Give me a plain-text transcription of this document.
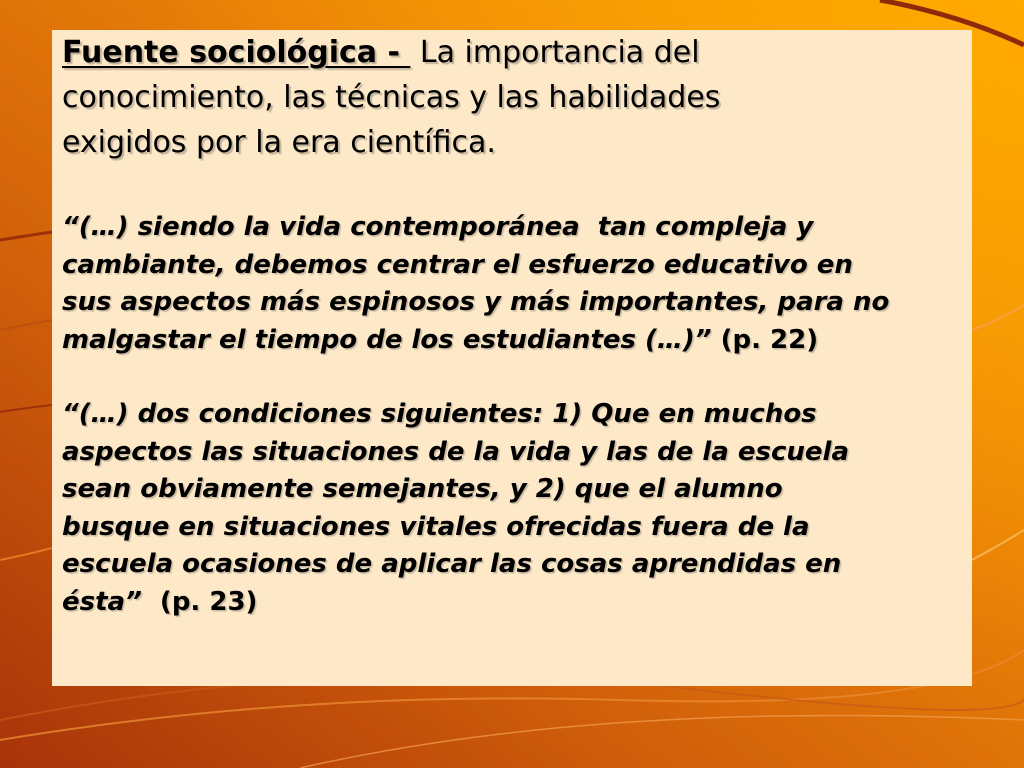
Fuente sociológica -  La importancia del
conocimiento, las técnicas y las habilidades
exigidos por la era científica.
“(…) siendo la vida contemporánea  tan compleja y
cambiante, debemos centrar el esfuerzo educativo en
sus aspectos más espinosos y más importantes, para no
malgastar el tiempo de los estudiantes (…)” (p. 22)
“(…) dos condiciones siguientes: 1) Que en muchos
aspectos las situaciones de la vida y las de la escuela
sean obviamente semejantes, y 2) que el alumno
busque en situaciones vitales ofrecidas fuera de la
escuela ocasiones de aplicar las cosas aprendidas en
ésta”  (p. 23)
